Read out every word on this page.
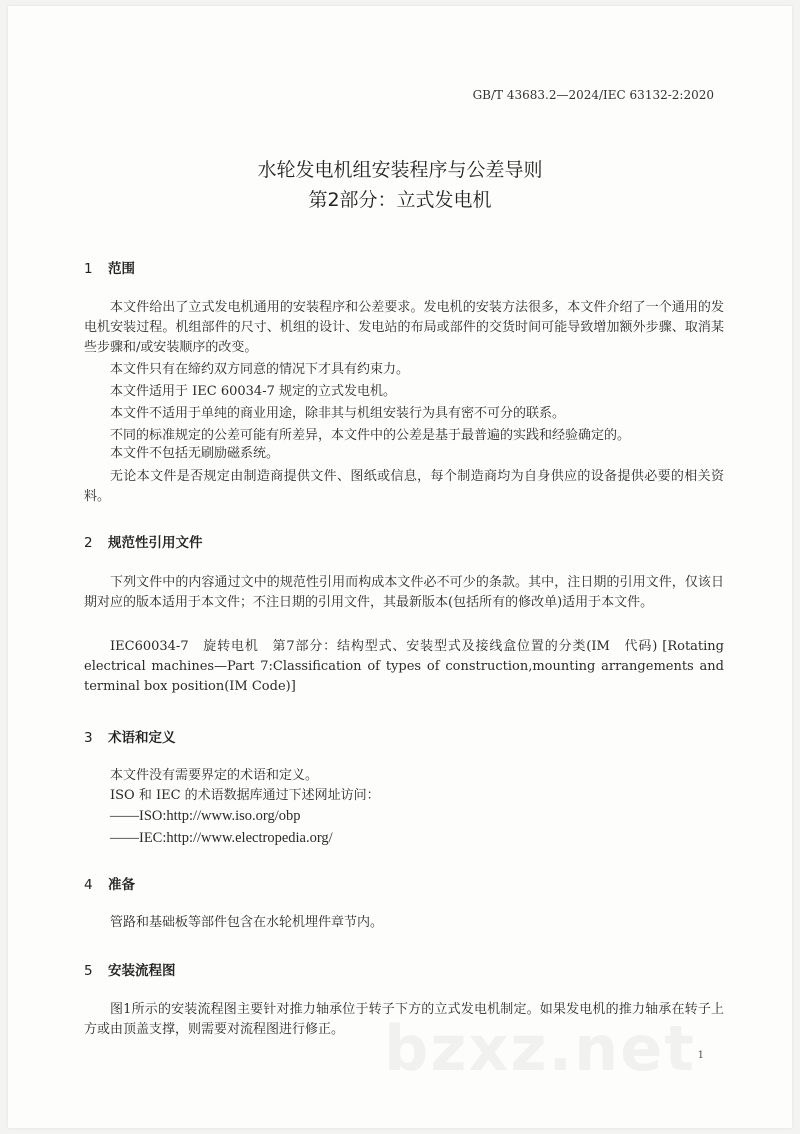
GB/T 43683.2—2024/IEC 63132-2:2020
水轮发电机组安装程序与公差导则
第2部分：立式发电机
1 范围
本文件给出了立式发电机通用的安装程序和公差要求。发电机的安装方法很多，本文件介绍了一个通用的发电机安装过程。机组部件的尺寸、机组的设计、发电站的布局或部件的交货时间可能导致增加额外步骤、取消某些步骤和/或安装顺序的改变。
本文件只有在缔约双方同意的情况下才具有约束力。
本文件适用于 IEC 60034-7 规定的立式发电机。
本文件不适用于单纯的商业用途，除非其与机组安装行为具有密不可分的联系。
不同的标准规定的公差可能有所差异，本文件中的公差是基于最普遍的实践和经验确定的。
本文件不包括无刷励磁系统。
无论本文件是否规定由制造商提供文件、图纸或信息，每个制造商均为自身供应的设备提供必要的相关资料。
2 规范性引用文件
下列文件中的内容通过文中的规范性引用而构成本文件必不可少的条款。其中，注日期的引用文件，仅该日期对应的版本适用于本文件；不注日期的引用文件，其最新版本(包括所有的修改单)适用于本文件。
IEC60034-7　旋转电机　第7部分：结构型式、安装型式及接线盒位置的分类(IM　代码) [Rotating electrical machines—Part 7:Classification of types of construction,mounting arrangements and terminal box position(IM Code)]
3 术语和定义
本文件没有需要界定的术语和定义。
ISO 和 IEC 的术语数据库通过下述网址访问：
——ISO:http://www.iso.org/obp
——IEC:http://www.electropedia.org/
4 准备
管路和基础板等部件包含在水轮机埋件章节内。
5 安装流程图
图1所示的安装流程图主要针对推力轴承位于转子下方的立式发电机制定。如果发电机的推力轴承在转子上方或由顶盖支撑，则需要对流程图进行修正。 bzxz.net 1
